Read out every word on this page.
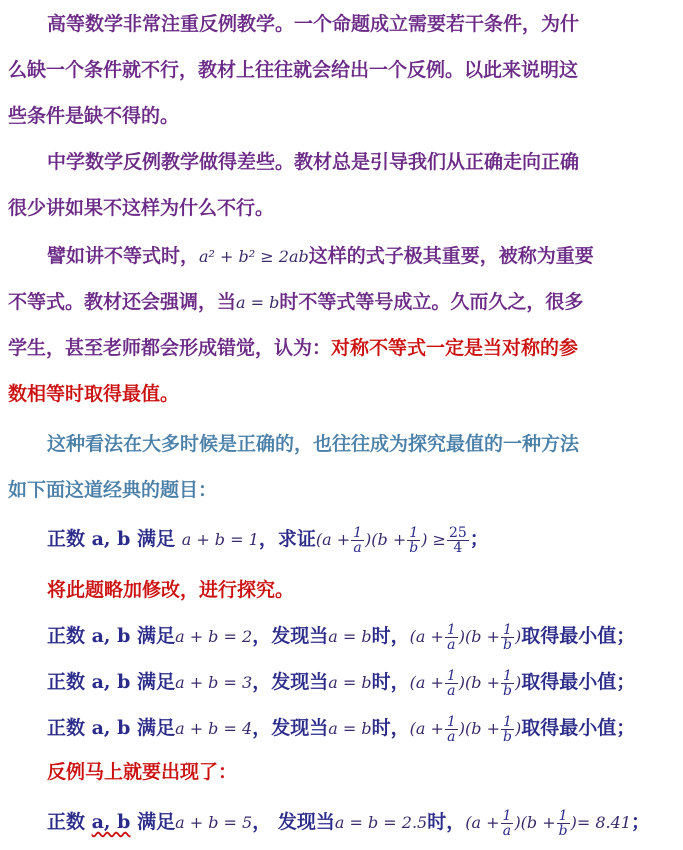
高等数学非常注重反例教学。一个命题成立需要若干条件，为什
么缺一个条件就不行，教材上往往就会给出一个反例。以此来说明这
些条件是缺不得的。
中学数学反例教学做得差些。教材总是引导我们从正确走向正确
很少讲如果不这样为什么不行。
譬如讲不等式时，a² + b² ≥ 2ab这样的式子极其重要，被称为重要
不等式。教材还会强调，当a = b时不等式等号成立。久而久之，很多
学生，甚至老师都会形成错觉，认为：对称不等式一定是当对称的参
数相等时取得最值。
这种看法在大多时候是正确的，也往往成为探究最值的一种方法
如下面这道经典的题目：
正数 a, b 满足 a + b = 1，求证$(a + \frac{1}{a} )(b + \frac{1}{b}$ ) ≥ $\frac{25}{4}$ ；
将此题略加修改，进行探究。
正数 a, b 满足a + b = 2，发现当a = b时，$(a + \frac{1}{a} )(b + \frac{1}{b}$ )取得最小值；
正数 a, b 满足a + b = 3，发现当a = b时，$(a + \frac{1}{a} )(b + \frac{1}{b}$ )取得最小值；
正数 a, b 满足a + b = 4，发现当a = b时，$(a + \frac{1}{a} )(b + \frac{1}{b}$ )取得最小值；
反例马上就要出现了：
正数 a, b 满足a + b = 5， 发现当a = b = 2.5时，$(a + \frac{1}{a} )(b + \frac{1}{b}$ )= 8.41；
